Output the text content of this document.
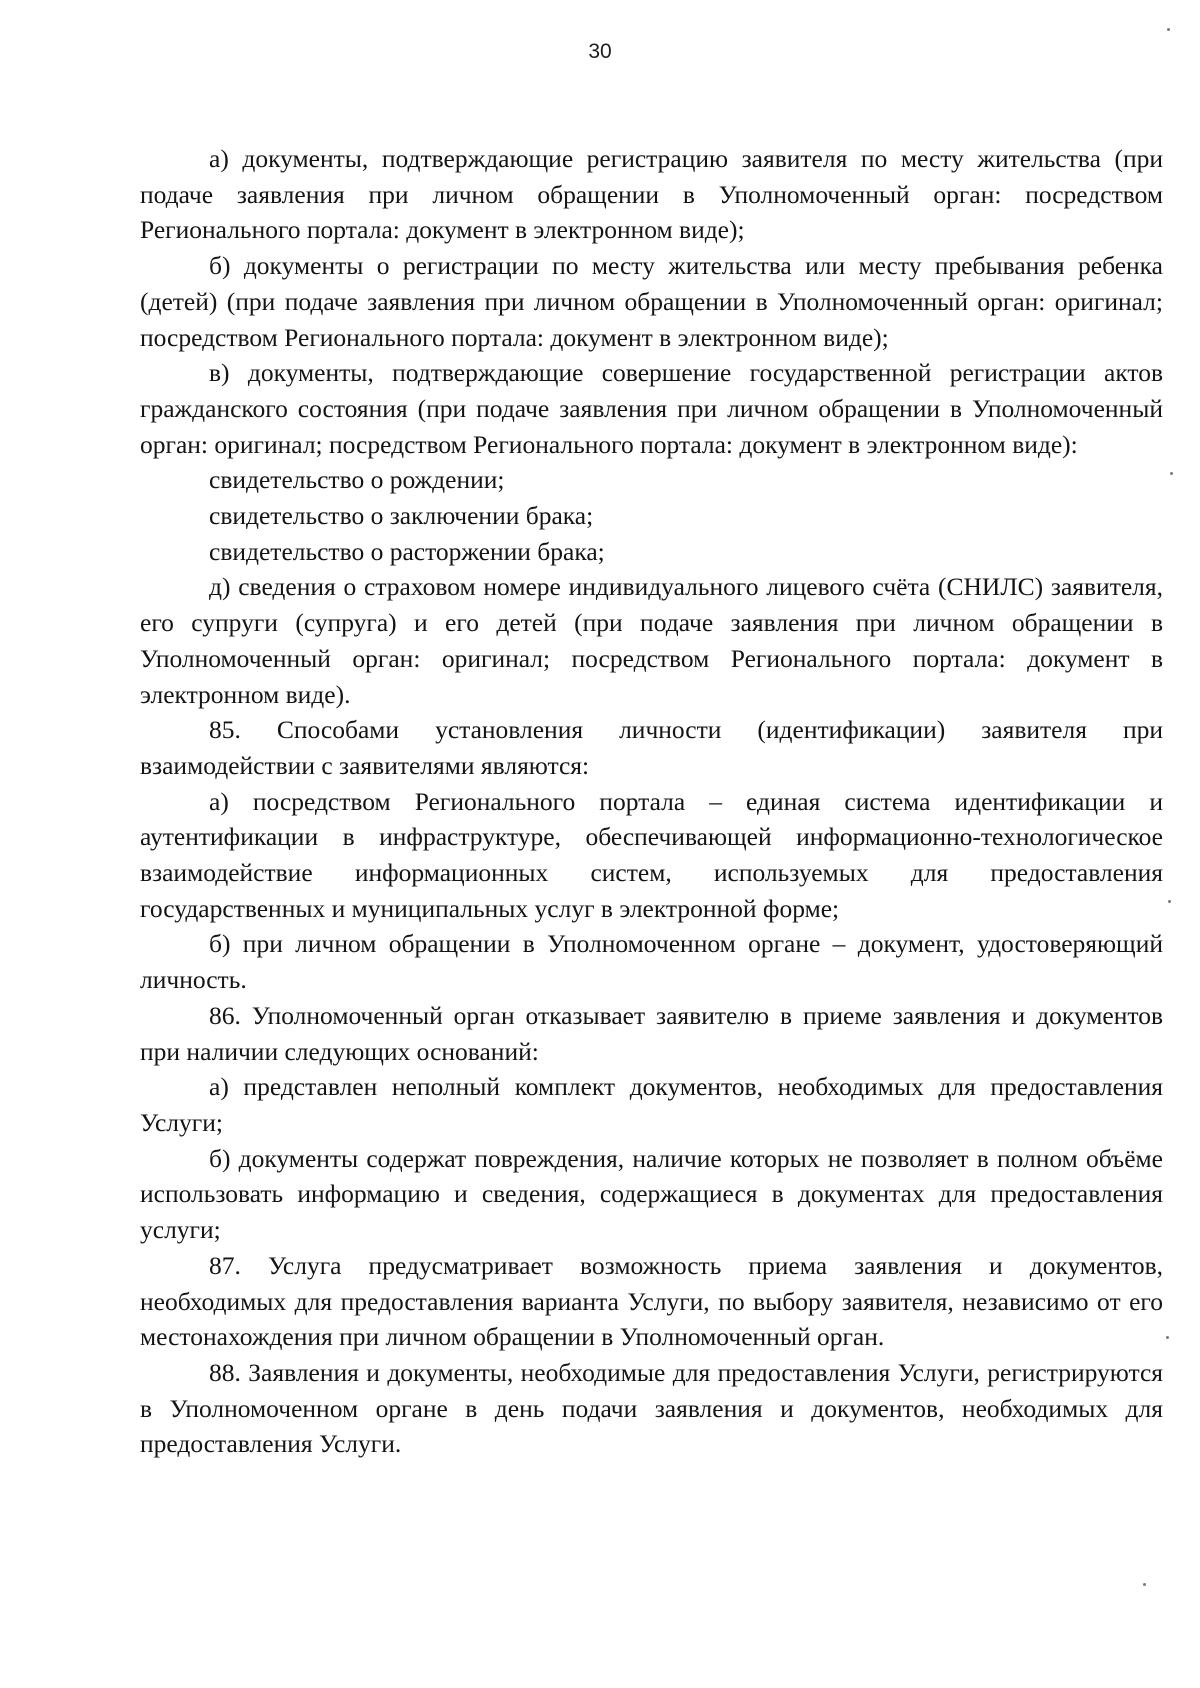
30

а) документы, подтверждающие регистрацию заявителя по месту жительства (при подаче заявления при личном обращении в Уполномоченный орган: посредством Регионального портала: документ в электронном виде);

б) документы о регистрации по месту жительства или месту пребывания ребенка (детей) (при подаче заявления при личном обращении в Уполномоченный орган: оригинал; посредством Регионального портала: документ в электронном виде);

в) документы, подтверждающие совершение государственной регистрации актов гражданского состояния (при подаче заявления при личном обращении в Уполномоченный орган: оригинал; посредством Регионального портала: документ в электронном виде):

свидетельство о рождении;

свидетельство о заключении брака;

свидетельство о расторжении брака;

д) сведения о страховом номере индивидуального лицевого счёта (СНИЛС) заявителя, его супруги (супруга) и его детей (при подаче заявления при личном обращении в Уполномоченный орган: оригинал; посредством Регионального портала: документ в электронном виде).

85. Способами установления личности (идентификации) заявителя при взаимодействии с заявителями являются:

а) посредством Регионального портала – единая система идентификации и аутентификации в инфраструктуре, обеспечивающей информационно-технологическое взаимодействие информационных систем, используемых для предоставления государственных и муниципальных услуг в электронной форме;

б) при личном обращении в Уполномоченном органе – документ, удостоверяющий личность.

86. Уполномоченный орган отказывает заявителю в приеме заявления и документов при наличии следующих оснований:

а) представлен неполный комплект документов, необходимых для предоставления Услуги;

б) документы содержат повреждения, наличие которых не позволяет в полном объёме использовать информацию и сведения, содержащиеся в документах для предоставления услуги;

87. Услуга предусматривает возможность приема заявления и документов, необходимых для предоставления варианта Услуги, по выбору заявителя, независимо от его местонахождения при личном обращении в Уполномоченный орган.

88. Заявления и документы, необходимые для предоставления Услуги, регистрируются в Уполномоченном органе в день подачи заявления и документов, необходимых для предоставления Услуги.
